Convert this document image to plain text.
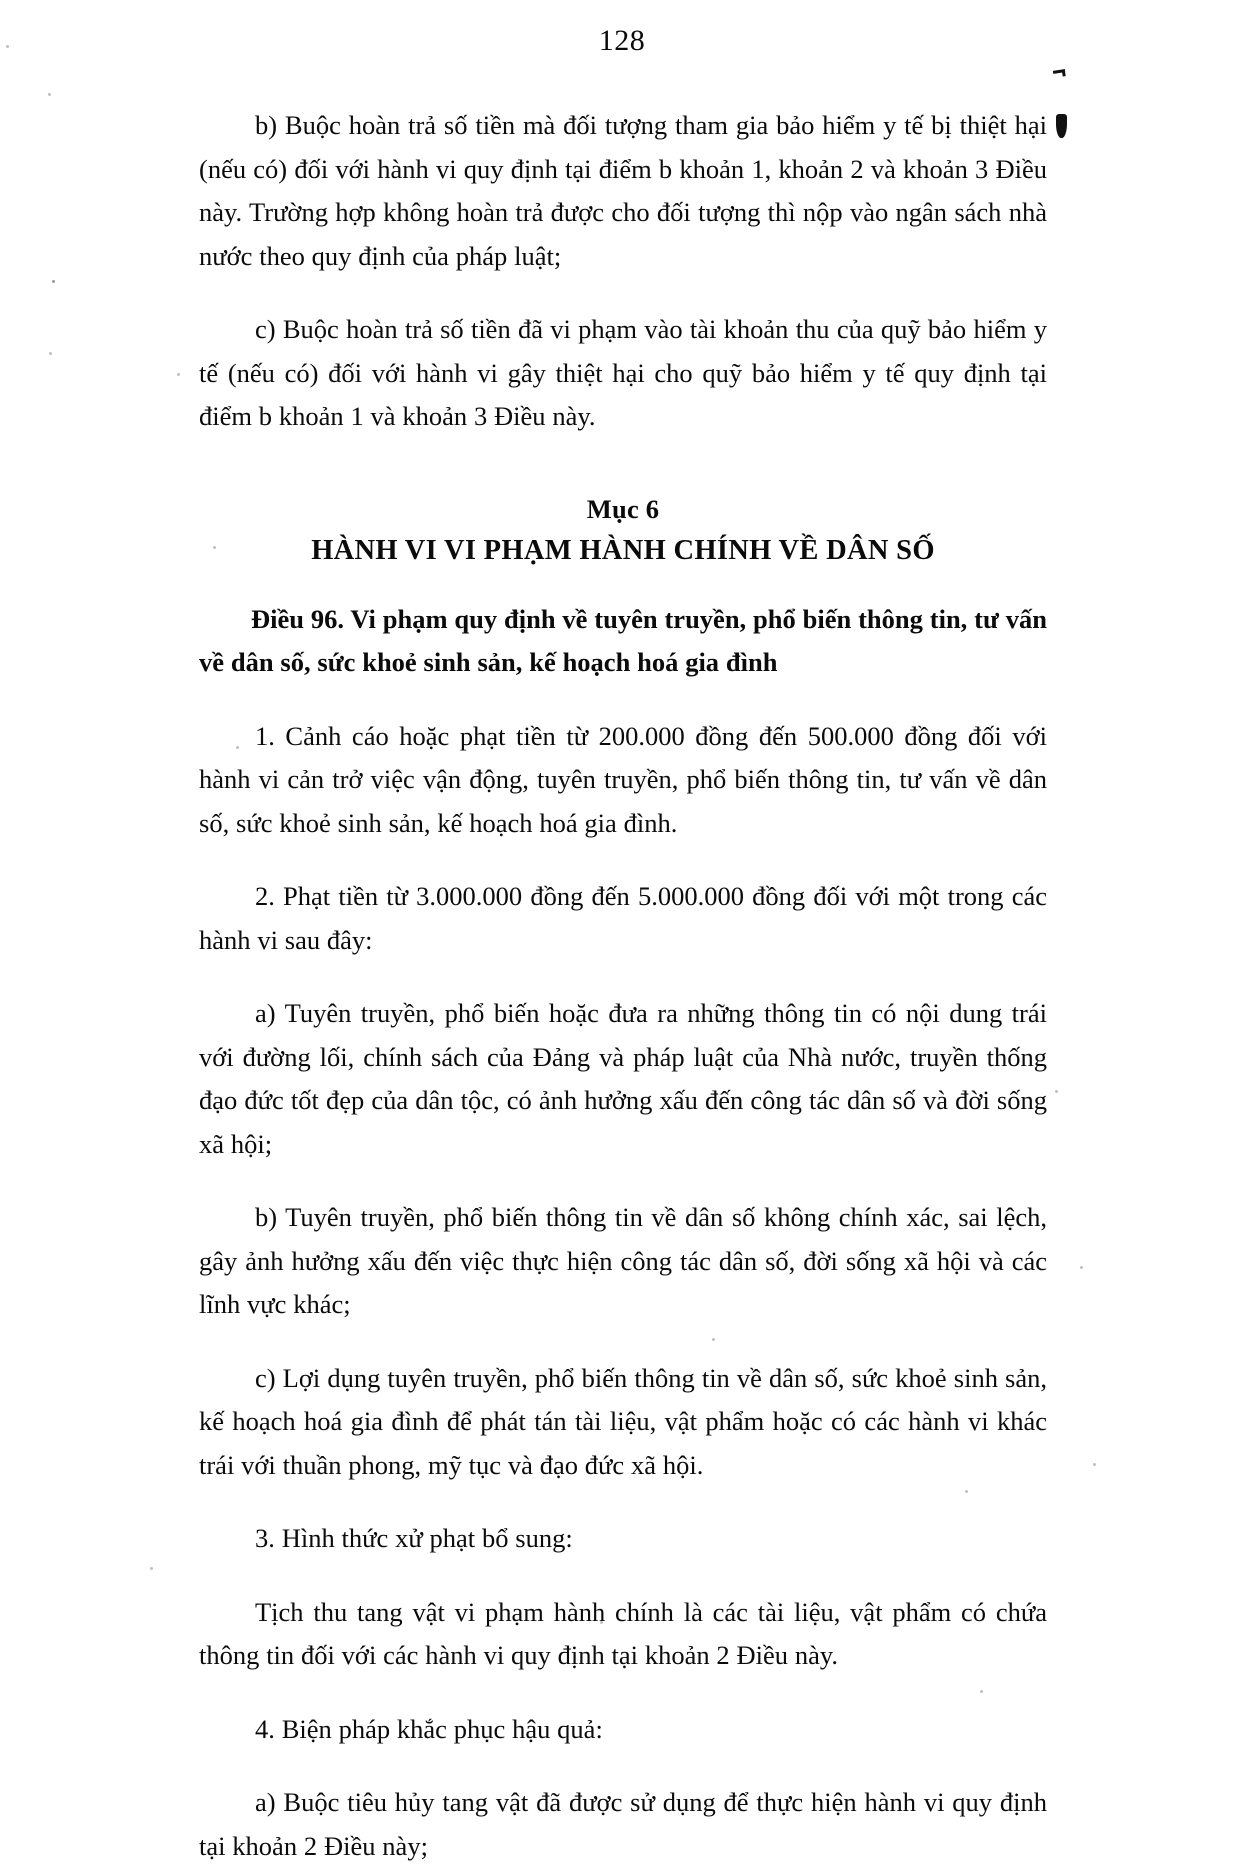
128

b) Buộc hoàn trả số tiền mà đối tượng tham gia bảo hiểm y tế bị thiệt hại (nếu có) đối với hành vi quy định tại điểm b khoản 1, khoản 2 và khoản 3 Điều này. Trường hợp không hoàn trả được cho đối tượng thì nộp vào ngân sách nhà nước theo quy định của pháp luật;

c) Buộc hoàn trả số tiền đã vi phạm vào tài khoản thu của quỹ bảo hiểm y tế (nếu có) đối với hành vi gây thiệt hại cho quỹ bảo hiểm y tế quy định tại điểm b khoản 1 và khoản 3 Điều này.

Mục 6
HÀNH VI VI PHẠM HÀNH CHÍNH VỀ DÂN SỐ

Điều 96. Vi phạm quy định về tuyên truyền, phổ biến thông tin, tư vấn về dân số, sức khoẻ sinh sản, kế hoạch hoá gia đình

1. Cảnh cáo hoặc phạt tiền từ 200.000 đồng đến 500.000 đồng đối với hành vi cản trở việc vận động, tuyên truyền, phổ biến thông tin, tư vấn về dân số, sức khoẻ sinh sản, kế hoạch hoá gia đình.

2. Phạt tiền từ 3.000.000 đồng đến 5.000.000 đồng đối với một trong các hành vi sau đây:

a) Tuyên truyền, phổ biến hoặc đưa ra những thông tin có nội dung trái với đường lối, chính sách của Đảng và pháp luật của Nhà nước, truyền thống đạo đức tốt đẹp của dân tộc, có ảnh hưởng xấu đến công tác dân số và đời sống xã hội;

b) Tuyên truyền, phổ biến thông tin về dân số không chính xác, sai lệch, gây ảnh hưởng xấu đến việc thực hiện công tác dân số, đời sống xã hội và các lĩnh vực khác;

c) Lợi dụng tuyên truyền, phổ biến thông tin về dân số, sức khoẻ sinh sản, kế hoạch hoá gia đình để phát tán tài liệu, vật phẩm hoặc có các hành vi khác trái với thuần phong, mỹ tục và đạo đức xã hội.

3. Hình thức xử phạt bổ sung:

Tịch thu tang vật vi phạm hành chính là các tài liệu, vật phẩm có chứa thông tin đối với các hành vi quy định tại khoản 2 Điều này.

4. Biện pháp khắc phục hậu quả:

a) Buộc tiêu hủy tang vật đã được sử dụng để thực hiện hành vi quy định tại khoản 2 Điều này;
